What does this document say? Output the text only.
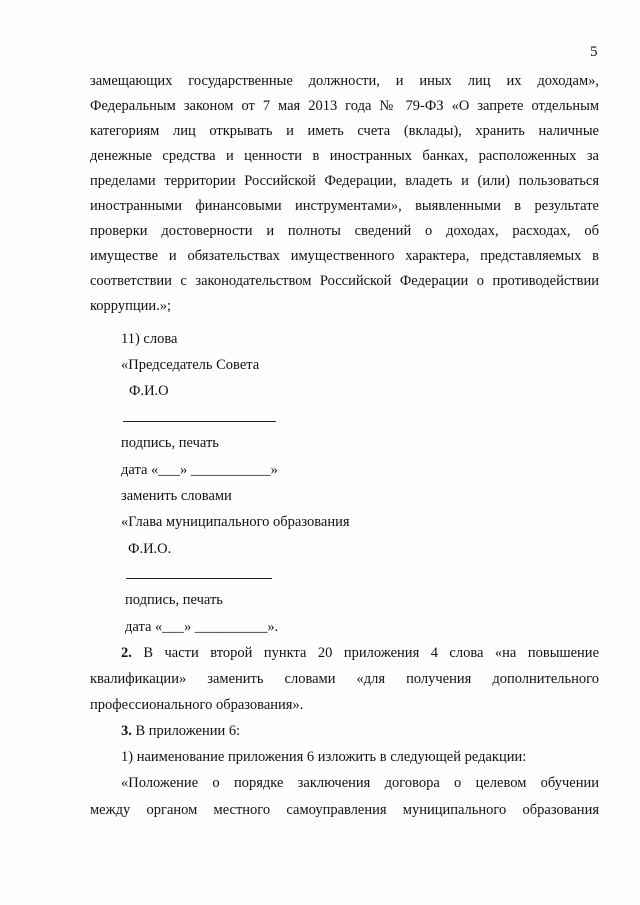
5
замещающих государственные должности, и иных лиц их доходам»,
Федеральным законом от 7 мая 2013 года № 79-ФЗ «О запрете отдельным
категориям лиц открывать и иметь счета (вклады), хранить наличные
денежные средства и ценности в иностранных банках, расположенных за
пределами территории Российской Федерации, владеть и (или) пользоваться
иностранными финансовыми инструментами», выявленными в результате
проверки достоверности и полноты сведений о доходах, расходах, об
имуществе и обязательствах имущественного характера, представляемых в
соответствии с законодательством Российской Федерации о противодействии
коррупции.»;
11) слова
«Председатель Совета
Ф.И.О
подпись, печать
дата «___» ___________»
заменить словами
«Глава муниципального образования
Ф.И.О.
подпись, печать
дата «___» __________».
2. В части второй пункта 20 приложения 4 слова «на повышение
квалификации» заменить словами «для получения дополнительного
профессионального образования».
3. В приложении 6:
1) наименование приложения 6 изложить в следующей редакции:
«Положение о порядке заключения договора о целевом обучении
между органом местного самоуправления муниципального образования
